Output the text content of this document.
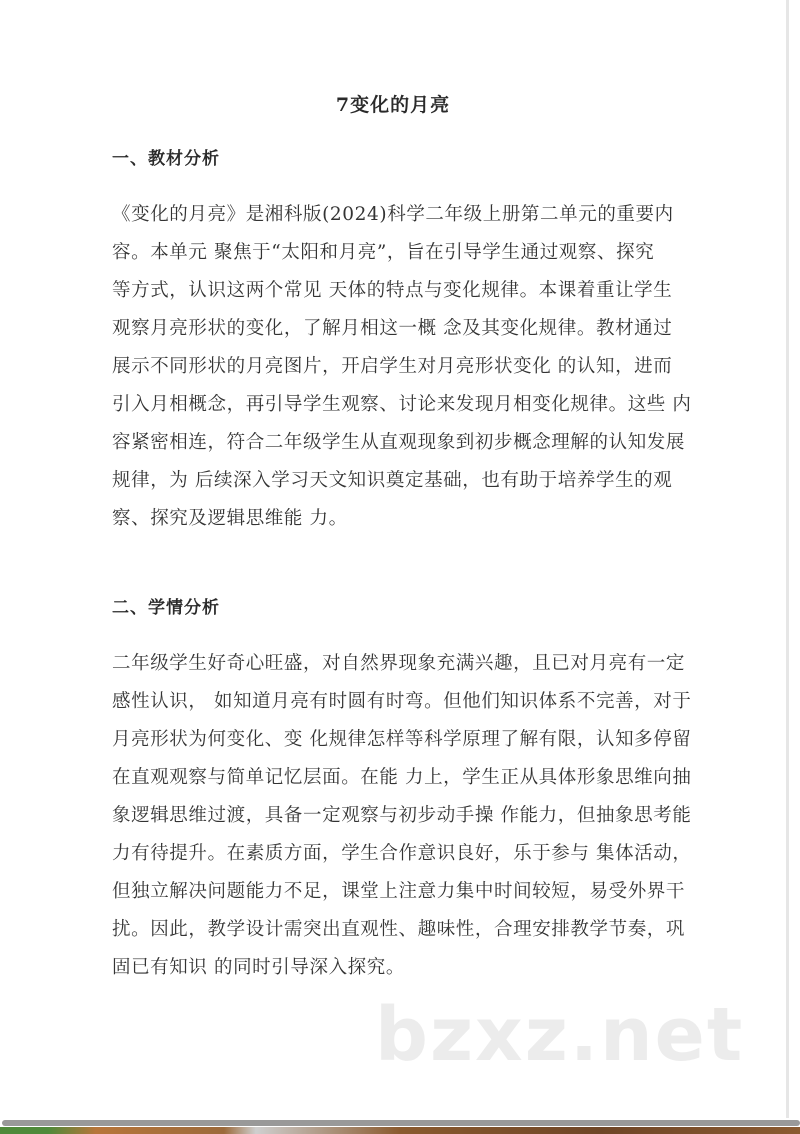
7变化的月亮
一、教材分析
《变化的月亮》是湘科版(2024)科学二年级上册第二单元的重要内
容。本单元 聚焦于“太阳和月亮”，旨在引导学生通过观察、探究
等方式，认识这两个常见 天体的特点与变化规律。本课着重让学生
观察月亮形状的变化，了解月相这一概 念及其变化规律。教材通过
展示不同形状的月亮图片，开启学生对月亮形状变化 的认知，进而
引入月相概念，再引导学生观察、讨论来发现月相变化规律。这些 内
容紧密相连，符合二年级学生从直观现象到初步概念理解的认知发展
规律，为 后续深入学习天文知识奠定基础，也有助于培养学生的观
察、探究及逻辑思维能 力。
二、学情分析
二年级学生好奇心旺盛，对自然界现象充满兴趣，且已对月亮有一定
感性认识， 如知道月亮有时圆有时弯。但他们知识体系不完善，对于
月亮形状为何变化、变 化规律怎样等科学原理了解有限，认知多停留
在直观观察与简单记忆层面。在能 力上，学生正从具体形象思维向抽
象逻辑思维过渡，具备一定观察与初步动手操 作能力，但抽象思考能
力有待提升。在素质方面，学生合作意识良好，乐于参与 集体活动，
但独立解决问题能力不足，课堂上注意力集中时间较短，易受外界干
扰。因此，教学设计需突出直观性、趣味性，合理安排教学节奏，巩
固已有知识 的同时引导深入探究。
bzxz.net
